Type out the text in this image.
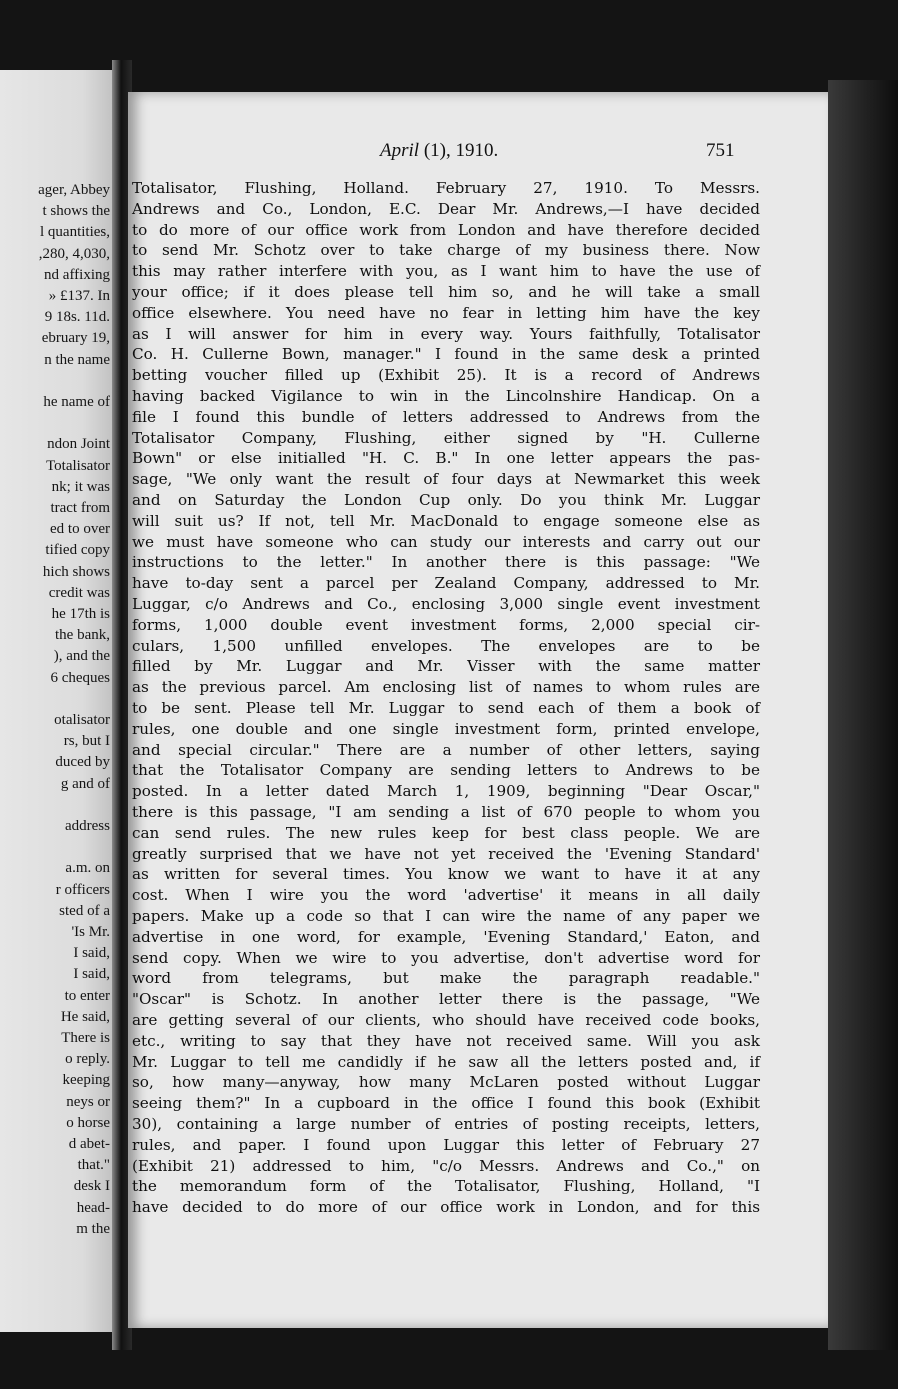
ager, Abbey
t shows the
l quantities,
,280, 4,030,
nd affixing
» £137. In
9 18s. 11d.
ebruary 19,
n the name
he name of
ndon Joint
Totalisator
nk; it was
tract from
ed to over
tified copy
hich shows
credit was
he 17th is
the bank,
), and the
6 cheques
otalisator
rs, but I
duced by
g and of
address
a.m. on
r officers
sted of a
'Is Mr.
I said,
I said,
to enter
He said,
There is
o reply.
keeping
neys or
o horse
d abet-
that."
desk I
head-
m the
April (1), 1910.	751
Totalisator, Flushing, Holland. February 27, 1910. To Messrs.
Andrews and Co., London, E.C. Dear Mr. Andrews,—I have decided
to do more of our office work from London and have therefore decided
to send Mr. Schotz over to take charge of my business there. Now
this may rather interfere with you, as I want him to have the use of
your office; if it does please tell him so, and he will take a small
office elsewhere. You need have no fear in letting him have the key
as I will answer for him in every way. Yours faithfully, Totalisator
Co. H. Cullerne Bown, manager." I found in the same desk a printed
betting voucher filled up (Exhibit 25). It is a record of Andrews
having backed Vigilance to win in the Lincolnshire Handicap. On a
file I found this bundle of letters addressed to Andrews from the
Totalisator Company, Flushing, either signed by "H. Cullerne
Bown" or else initialled "H. C. B." In one letter appears the pas-
sage, "We only want the result of four days at Newmarket this week
and on Saturday the London Cup only. Do you think Mr. Luggar
will suit us? If not, tell Mr. MacDonald to engage someone else as
we must have someone who can study our interests and carry out our
instructions to the letter." In another there is this passage: "We
have to-day sent a parcel per Zealand Company, addressed to Mr.
Luggar, c/o Andrews and Co., enclosing 3,000 single event investment
forms, 1,000 double event investment forms, 2,000 special cir-
culars, 1,500 unfilled envelopes. The envelopes are to be
filled by Mr. Luggar and Mr. Visser with the same matter
as the previous parcel. Am enclosing list of names to whom rules are
to be sent. Please tell Mr. Luggar to send each of them a book of
rules, one double and one single investment form, printed envelope,
and special circular." There are a number of other letters, saying
that the Totalisator Company are sending letters to Andrews to be
posted. In a letter dated March 1, 1909, beginning "Dear Oscar,"
there is this passage, "I am sending a list of 670 people to whom you
can send rules. The new rules keep for best class people. We are
greatly surprised that we have not yet received the 'Evening Standard'
as written for several times. You know we want to have it at any
cost. When I wire you the word 'advertise' it means in all daily
papers. Make up a code so that I can wire the name of any paper we
advertise in one word, for example, 'Evening Standard,' Eaton, and
send copy. When we wire to you advertise, don't advertise word for
word from telegrams, but make the paragraph readable."
"Oscar" is Schotz. In another letter there is the passage, "We
are getting several of our clients, who should have received code books,
etc., writing to say that they have not received same. Will you ask
Mr. Luggar to tell me candidly if he saw all the letters posted and, if
so, how many—anyway, how many McLaren posted without Luggar
seeing them?" In a cupboard in the office I found this book (Exhibit
30), containing a large number of entries of posting receipts, letters,
rules, and paper. I found upon Luggar this letter of February 27
(Exhibit 21) addressed to him, "c/o Messrs. Andrews and Co.," on
the memorandum form of the Totalisator, Flushing, Holland, "I
have decided to do more of our office work in London, and for this
